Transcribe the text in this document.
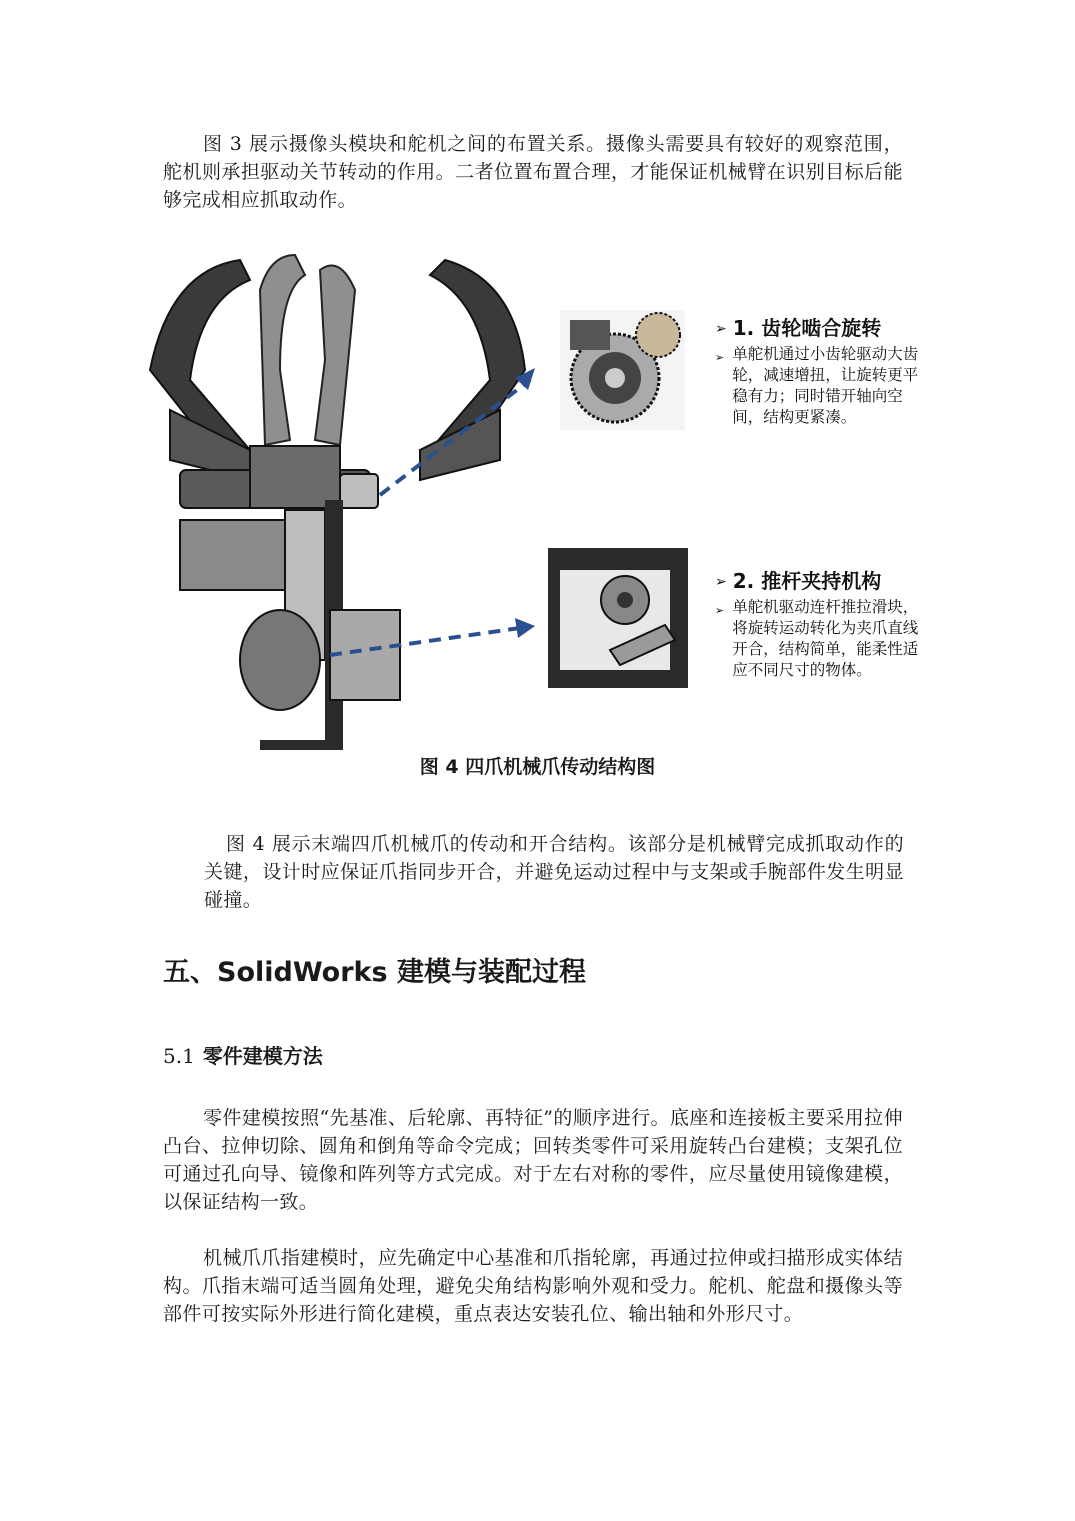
图 3 展示摄像头模块和舵机之间的布置关系。摄像头需要具有较好的观察范围，舵机则承担驱动关节转动的作用。二者位置布置合理，才能保证机械臂在识别目标后能够完成相应抓取动作。

➢ 1. 齿轮啮合旋转

➢ 单舵机通过小齿轮驱动大齿轮，减速增扭，让旋转更平稳有力；同时错开轴向空间，结构更紧凑。

➢ 2. 推杆夹持机构

➢ 单舵机驱动连杆推拉滑块，将旋转运动转化为夹爪直线开合，结构简单，能柔性适应不同尺寸的物体。
图 4 四爪机械爪传动结构图

图 4 展示末端四爪机械爪的传动和开合结构。该部分是机械臂完成抓取动作的关键，设计时应保证爪指同步开合，并避免运动过程中与支架或手腕部件发生明显碰撞。

五、SolidWorks 建模与装配过程
5.1 零件建模方法

零件建模按照“先基准、后轮廓、再特征”的顺序进行。底座和连接板主要采用拉伸凸台、拉伸切除、圆角和倒角等命令完成；回转类零件可采用旋转凸台建模；支架孔位可通过孔向导、镜像和阵列等方式完成。对于左右对称的零件，应尽量使用镜像建模，以保证结构一致。

机械爪爪指建模时，应先确定中心基准和爪指轮廓，再通过拉伸或扫描形成实体结构。爪指末端可适当圆角处理，避免尖角结构影响外观和受力。舵机、舵盘和摄像头等部件可按实际外形进行简化建模，重点表达安装孔位、输出轴和外形尺寸。
